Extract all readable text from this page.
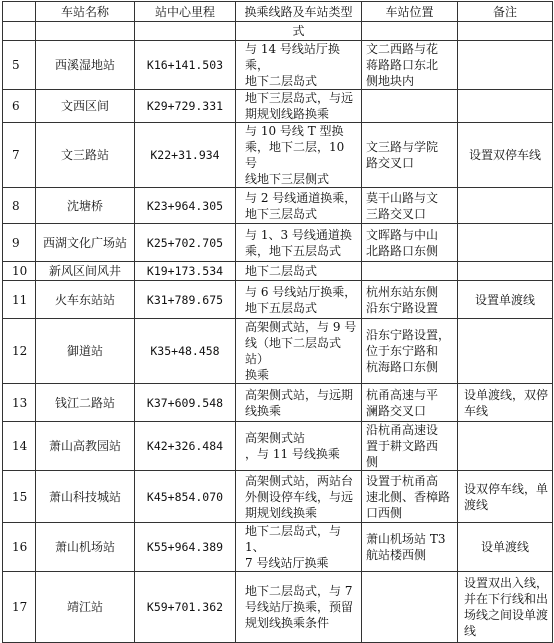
	车站名称	站中心里程	换乘线路及车站类型	车站位置	备注
			式		

5	西溪湿地站	K16+141.503	与 14 号线站厅换乘，
地下二层岛式	文二西路与花
蒋路路口东北
侧地块内	

6	文西区间	K29+729.331	地下三层岛式，与远
期规划线路换乘		

7	文三路站	K22+31.934	与 10 号线 T 型换
乘，地下二层，10 号
线地下三层侧式	文三路与学院
路交叉口	设置双停车线

8	沈塘桥	K23+964.305	与 2 号线通道换乘，
地下三层岛式	莫干山路与文
三路交叉口	

9	西湖文化广场站	K25+702.705	与 1、3 号线通道换
乘，地下五层岛式	文晖路与中山
北路路口东侧	

10	新风区间风井	K19+173.534	地下二层岛式		

11	火车东站站	K31+789.675	与 6 号线站厅换乘，
地下五层岛式	杭州东站东侧
沿东宁路设置	设置单渡线

12	御道站	K35+48.458	高架侧式站，与 9 号
线（地下二层岛式站）
换乘	沿东宁路设置，
位于东宁路和
杭海路口东侧	

13	钱江二路站	K37+609.548	高架侧式站，与远期
线换乘	杭甬高速与平
澜路交叉口	设单渡线，双停
车线

14	萧山高教园站	K42+326.484	高架侧式站
，与 11 号线换乘	沿杭甬高速设
置于耕文路西
侧	

15	萧山科技城站	K45+854.070	高架侧式站，两站台
外侧设停车线，与远
期规划线换乘	设置于杭甬高
速北侧、香樟路
口西侧	设双停车线，单
渡线

16	萧山机场站	K55+964.389	地下二层岛式，与 1、
7 号线站厅换乘	萧山机场站 T3
航站楼西侧	设单渡线

17	靖江站	K59+701.362	地下二层岛式，与 7
号线站厅换乘，预留
规划线换乘条件		设置双出入线，
并在下行线和出
场线之间设单渡
线
